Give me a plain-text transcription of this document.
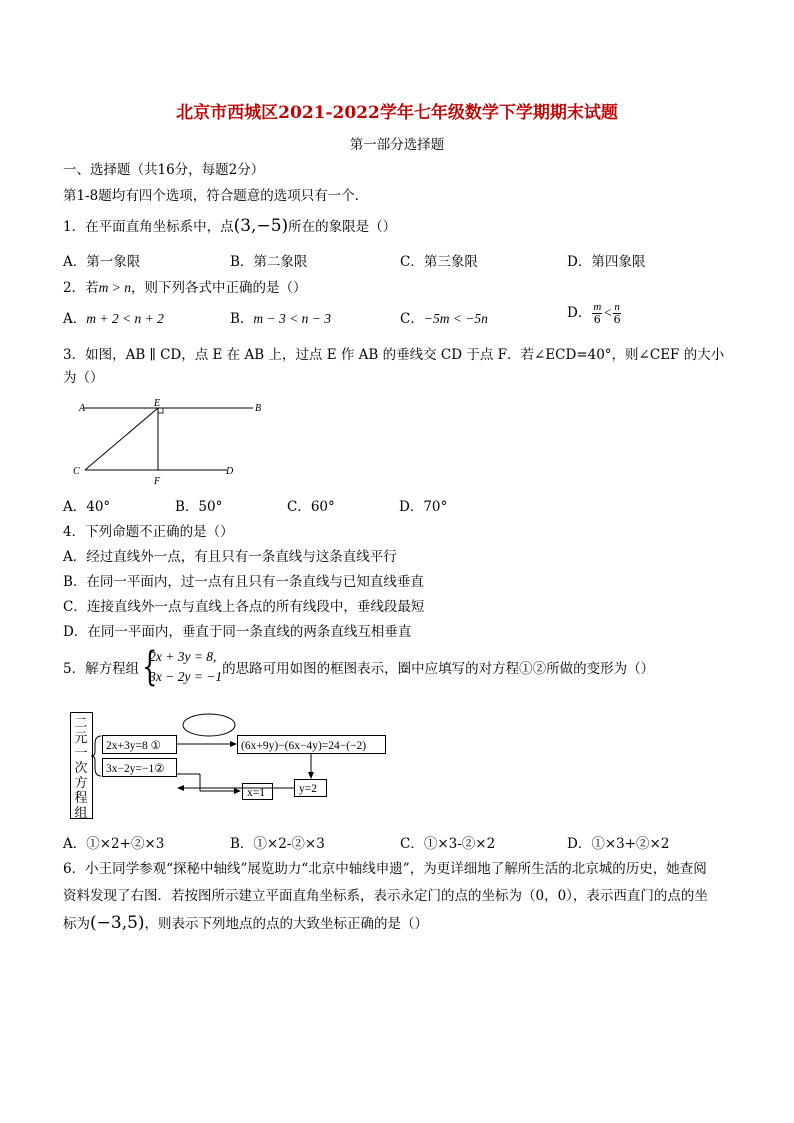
北京市西城区2021-2022学年七年级数学下学期期末试题
第一部分选择题
一、选择题（共16分，每题2分）
第1-8题均有四个选项，符合题意的选项只有一个．
1．在平面直角坐标系中，点(3,−5)所在的象限是（）
A．第一象限	B．第二象限	C．第三象限	D．第四象限
2．若m > n，则下列各式中正确的是（）
A．m + 2 < n + 2	B．m − 3 < n − 3	C．−5m < −5n	D． $\frac{m}{6} < \frac{n}{6}$
3．如图，AB ∥ CD，点 E 在 AB 上，过点 E 作 AB 的垂线交 CD 于点 F．若∠ECD=40°，则∠CEF 的大小
为（）
A	B
C	D
E
F
A．40°	B．50°	C．60°	D．70°
4．下列命题不正确的是（）
A．经过直线外一点，有且只有一条直线与这条直线平行
B．在同一平面内，过一点有且只有一条直线与已知直线垂直
C．连接直线外一点与直线上各点的所有线段中，垂线段最短
D．在同一平面内，垂直于同一条直线的两条直线互相垂直
5．解方程组 {
2x + 3y = 8,
3x − 2y = −1 的思路可用如图的框图表示，圈中应填写的对方程①②所做的变形为（）
二
元
一
次
方
程
组
2x+3y=8 ①
3x−2y=−1②
(6x+9y)−(6x−4y)=24−(−2)
y=2
x=1
A．①×2+②×3	B．①×2-②×3	C．①×3-②×2	D．①×3+②×2
6．小王同学参观“探秘中轴线”展览助力“北京中轴线申遗”，为更详细地了解所生活的北京城的历史，她查阅
资料发现了右图．若按图所示建立平面直角坐标系，表示永定门的点的坐标为（0，0），表示西直门的点的坐
标为(−3,5)，则表示下列地点的点的大致坐标正确的是（）
